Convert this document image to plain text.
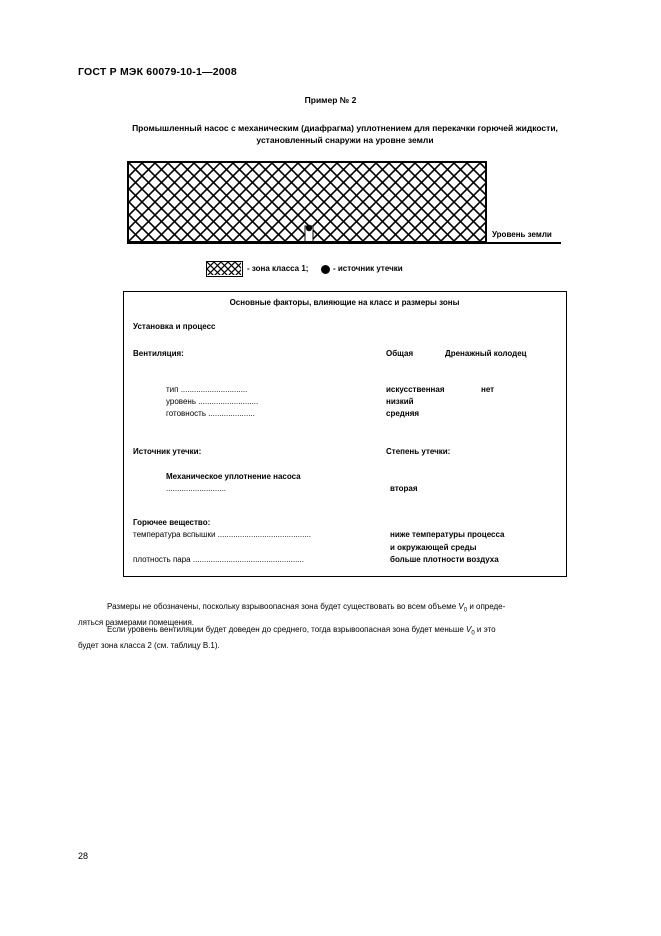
ГОСТ Р МЭК 60079-10-1—2008
Пример № 2
Промышленный насос с механическим (диафрагма) уплотнением для перекачки горючей жидкости,
установленный снаружи на уровне земли
Уровень земли
- зона класса 1;	- источник утечки
Основные факторы, влияющие на класс и размеры зоны
Установка и процесс
Вентиляция:	Общая	Дренажный колодец
тип ..............................	искусственная	нет
уровень ...........................	низкий
готовность .....................	средняя
Источник утечки:	Степень утечки:
Механическое уплотнение насоса
...........................	вторая
Горючее вещество:
температура вспышки ..........................................	ниже температуры процесса
и окружающей среды
плотность пара ..................................................	больше плотности воздуха
Размеры не обозначены, поскольку взрывоопасная зона будет существовать во всем объеме $V_0$ и опреде-
ляться размерами помещения.
Если уровень вентиляции будет доведен до среднего, тогда взрывоопасная зона будет меньше $V_0$ и это
будет зона класса 2 (см. таблицу В.1).
28
